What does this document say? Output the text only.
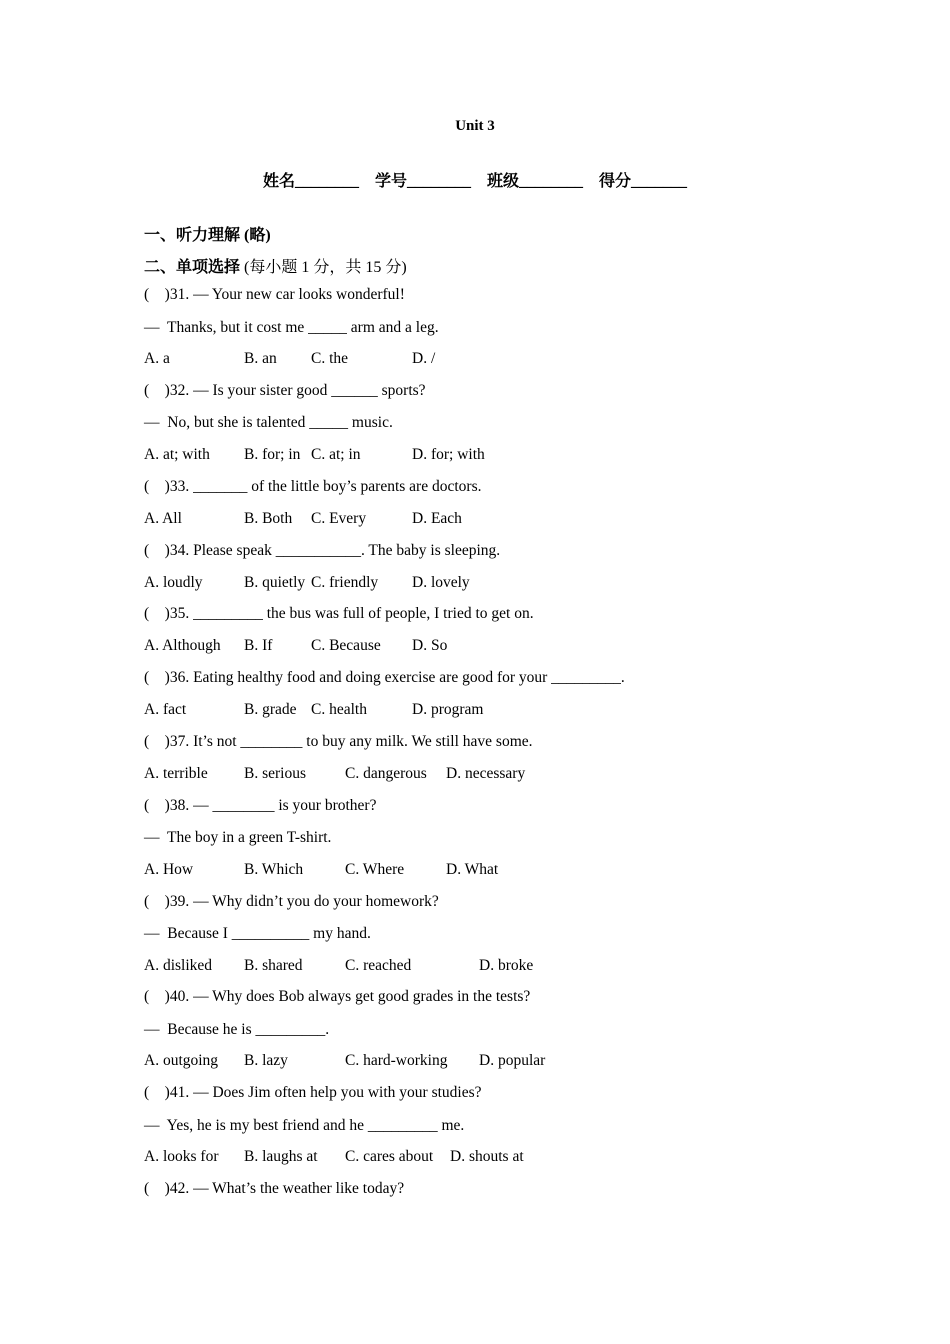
Unit 3
姓名________ 学号________ 班级________ 得分_______
一、听力理解 (略)
二、单项选择 (每小题 1 分，共 15 分)
(    )31. — Your new car looks wonderful!
—  Thanks, but it cost me _____ arm and a leg.
A. a	B. an C. the	D. /
(    )32. — Is your sister good ______ sports?
—  No, but she is talented _____ music.
A. at; with B. for; in C. at; in	D. for; with
(    )33. _______ of the little boy’s parents are doctors.
A. All	B. Both C. Every	D. Each
(    )34. Please speak ___________. The baby is sleeping.
A. loudly	B. quietly C. friendly D. lovely
(    )35. _________ the bus was full of people, I tried to get on.
A. Although B. If C. Because D. So
(    )36. Eating healthy food and doing exercise are good for your _________.
A. fact	B. grade C. health	D. program
(    )37. It’s not ________ to buy any milk. We still have some.
A. terrible B. serious	C. dangerous D. necessary
(    )38. — ________ is your brother?
—  The boy in a green T-shirt.
A. How	B. Which	C. Where	D. What
(    )39. — Why didn’t you do your homework?
—  Because I __________ my hand.
A. disliked B. shared	C. reached	D. broke
(    )40. — Why does Bob always get good grades in the tests?
—  Because he is _________.
A. outgoing B. lazy	C. hard-working D. popular
(    )41. — Does Jim often help you with your studies?
—  Yes, he is my best friend and he _________ me.
A. looks for B. laughs at C. cares about D. shouts at
(    )42. — What’s the weather like today?
